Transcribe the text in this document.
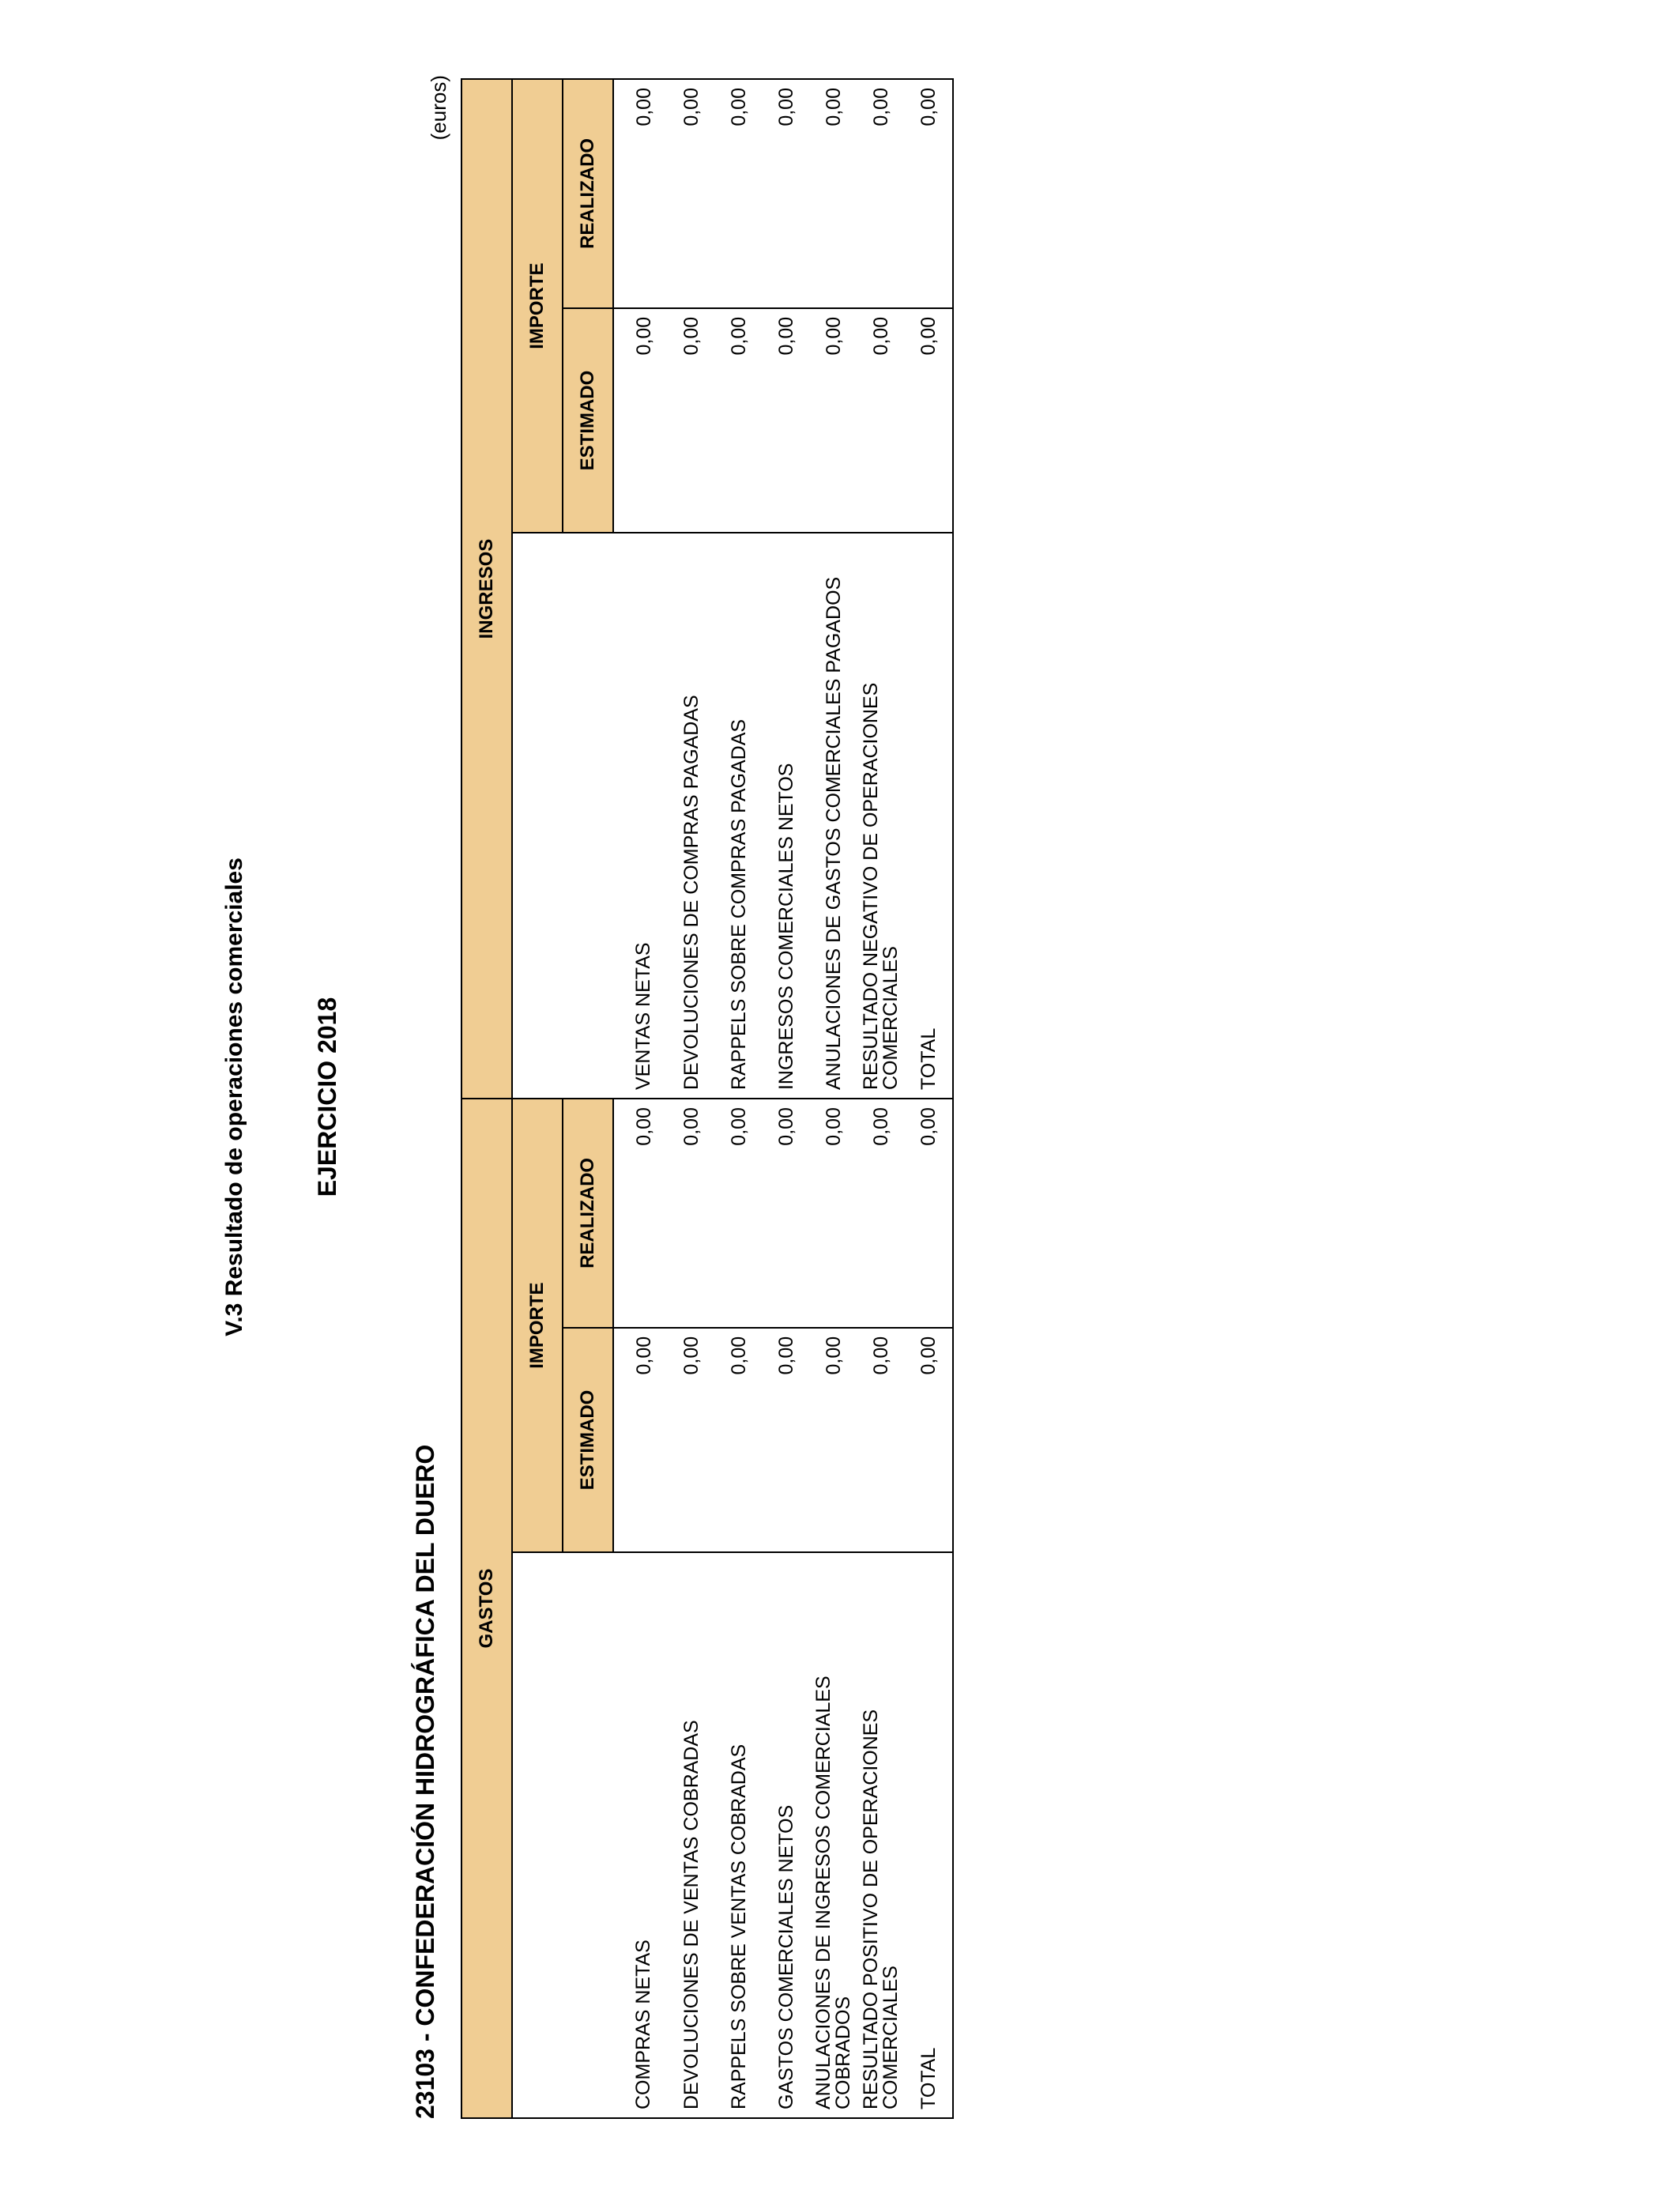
V.3 Resultado de operaciones comerciales	EJERCICIO 2018
23103 - CONFEDERACIÓN HIDROGRÁFICA DEL DUERO
(euros)
GASTOS			INGRESOS		
	IMPORTE			IMPORTE	
	ESTIMADO	REALIZADO		ESTIMADO	REALIZADO
COMPRAS NETAS	0,00	0,00	VENTAS NETAS	0,00	0,00
DEVOLUCIONES DE VENTAS COBRADAS	0,00	0,00	DEVOLUCIONES DE COMPRAS PAGADAS	0,00	0,00
RAPPELS SOBRE VENTAS COBRADAS	0,00	0,00	RAPPELS SOBRE COMPRAS PAGADAS	0,00	0,00
GASTOS COMERCIALES NETOS	0,00	0,00	INGRESOS COMERCIALES NETOS	0,00	0,00
ANULACIONES DE INGRESOS COMERCIALES COBRADOS	0,00	0,00	ANULACIONES DE GASTOS COMERCIALES PAGADOS	0,00	0,00
RESULTADO POSITIVO DE OPERACIONES COMERCIALES	0,00	0,00	RESULTADO NEGATIVO DE OPERACIONES COMERCIALES	0,00	0,00
TOTAL	0,00	0,00	TOTAL	0,00	0,00
